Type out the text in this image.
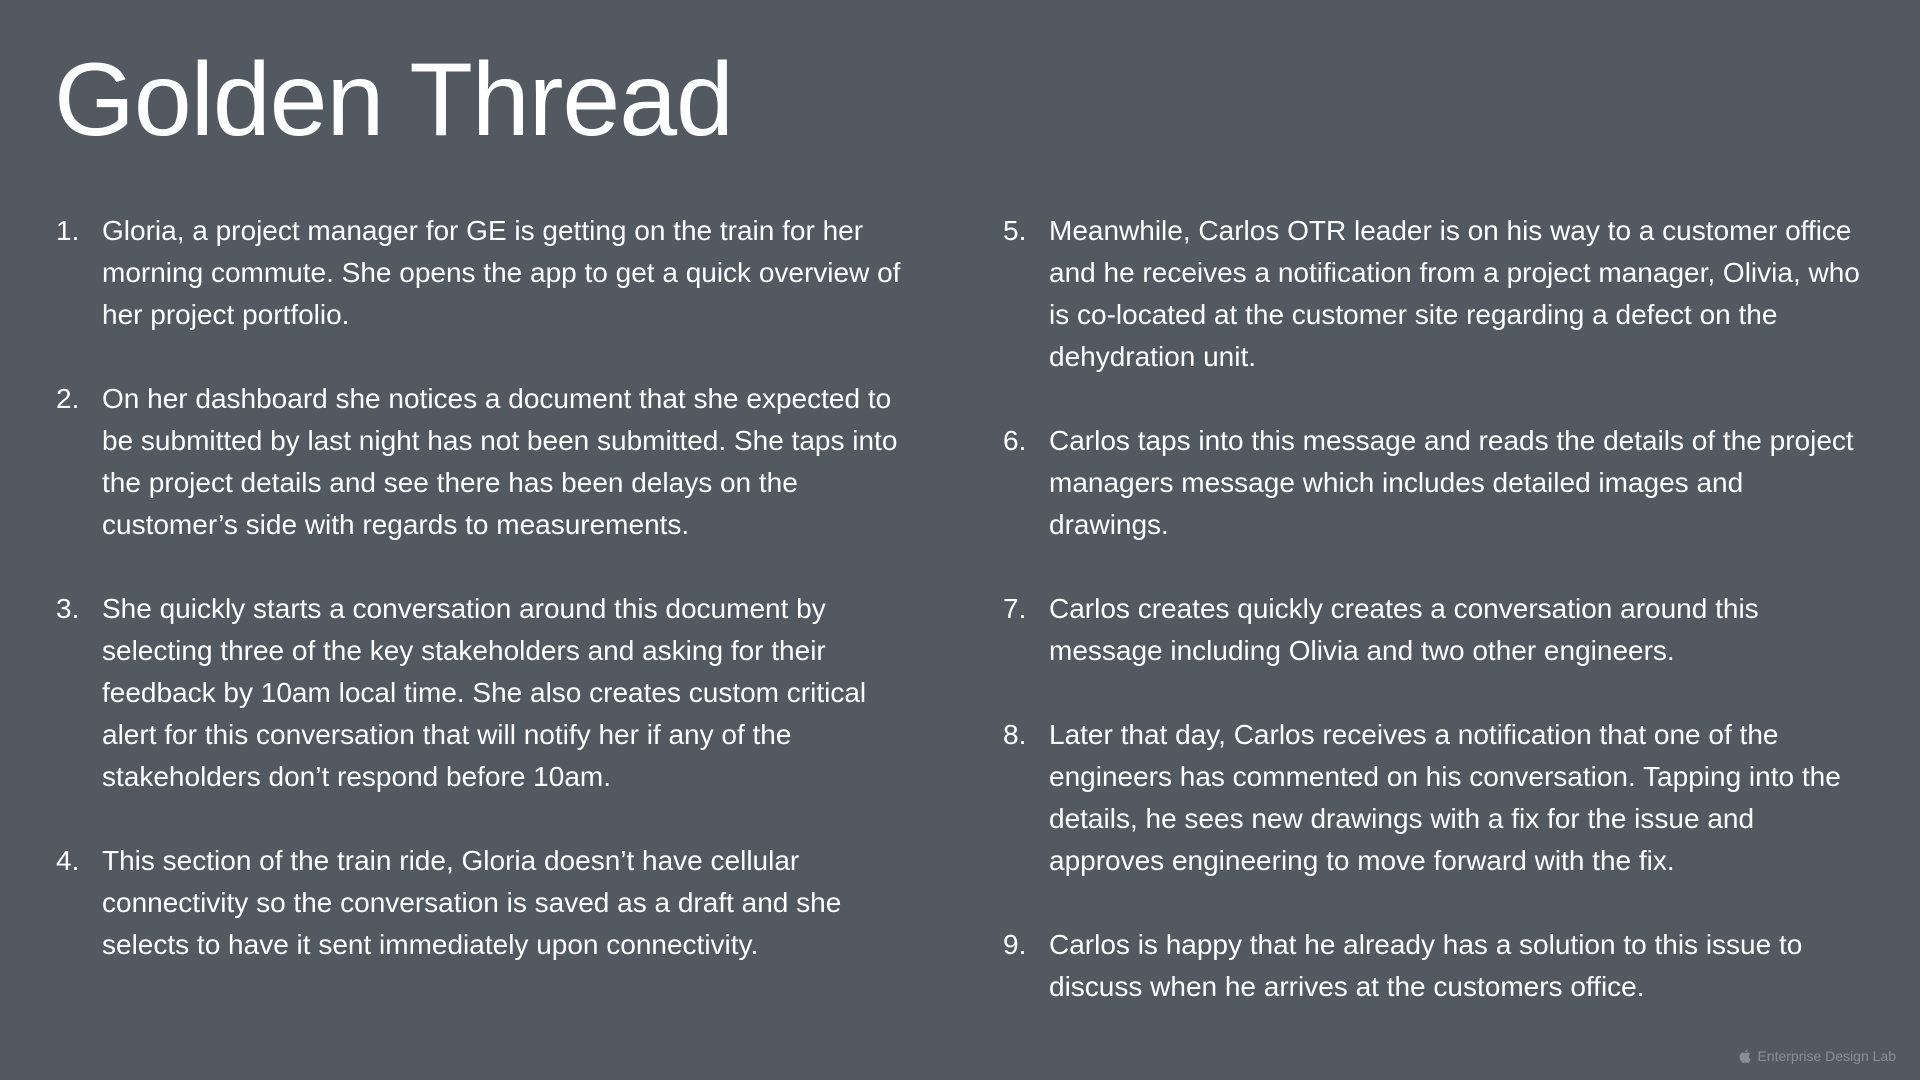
Golden Thread
1. Gloria, a project manager for GE is getting on the train for her morning commute. She opens the app to get a quick overview of her project portfolio.
2. On her dashboard she notices a document that she expected to be submitted by last night has not been submitted. She taps into the project details and see there has been delays on the customer’s side with regards to measurements.
3. She quickly starts a conversation around this document by selecting three of the key stakeholders and asking for their feedback by 10am local time. She also creates custom critical alert for this conversation that will notify her if any of the stakeholders don’t respond before 10am.
4. This section of the train ride, Gloria doesn’t have cellular connectivity so the conversation is saved as a draft and she selects to have it sent immediately upon connectivity.
5. Meanwhile, Carlos OTR leader is on his way to a customer office and he receives a notification from a project manager, Olivia, who is co-located at the customer site regarding a defect on the dehydration unit.
6. Carlos taps into this message and reads the details of the project managers message which includes detailed images and drawings.
7. Carlos creates quickly creates a conversation around this message including Olivia and two other engineers.
8. Later that day, Carlos receives a notification that one of the engineers has commented on his conversation. Tapping into the details, he sees new drawings with a fix for the issue and approves engineering to move forward with the fix.
9. Carlos is happy that he already has a solution to this issue to discuss when he arrives at the customers office.
Enterprise Design Lab
